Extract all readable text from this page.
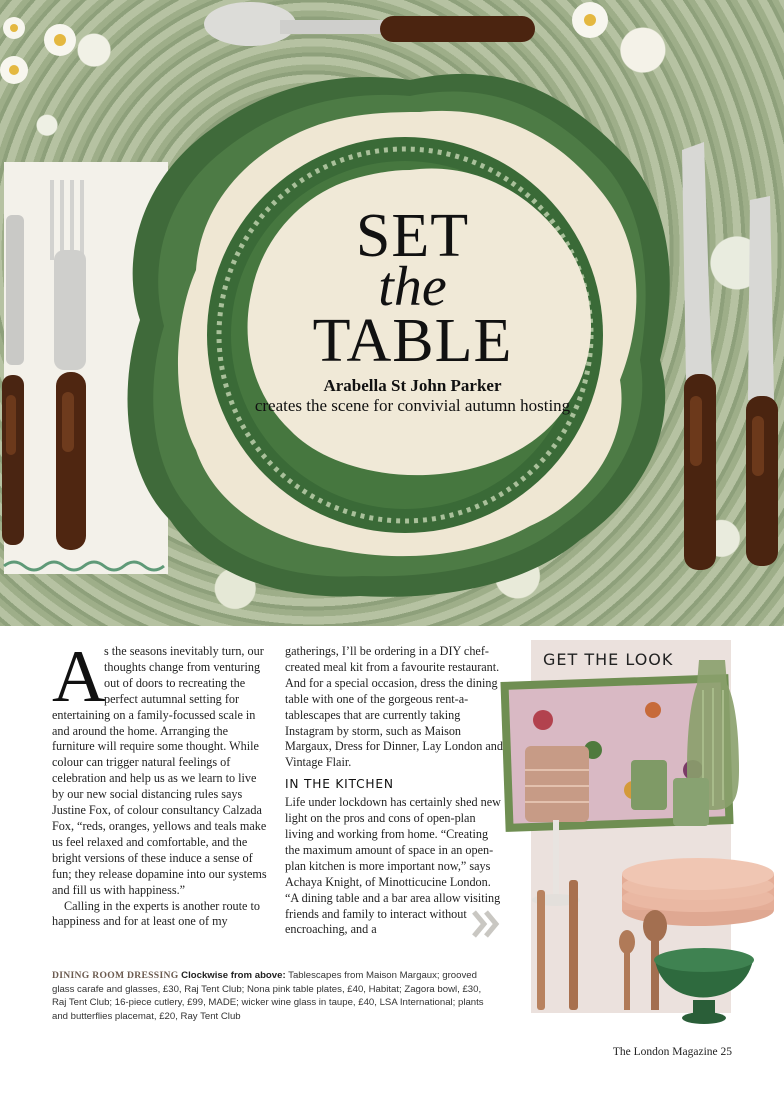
SET
the
TABLE
Arabella St John Parker
creates the scene for convivial autumn hosting
A

s the seasons inevitably turn, our thoughts change from venturing out of doors to recreating the perfect autumnal setting for entertaining on a family-focussed scale in and around the home. Arranging the furniture will require some thought. While colour can trigger natural feelings of celebration and help us as we learn to live by our new social distancing rules says Justine Fox, of colour consultancy Calzada Fox, “reds, oranges, yellows and teals make us feel relaxed and comfortable, and the bright versions of these induce a sense of fun; they release dopamine into our systems and fill us with happiness.”

Calling in the experts is another route to happiness and for at least one of my

gatherings, I’ll be ordering in a DIY chef-created meal kit from a favourite restaurant. And for a special occasion, dress the dining table with one of the gorgeous rent-a-tablescapes that are currently taking Instagram by storm, such as Maison Margaux, Dress for Dinner, Lay London and Vintage Flair.

IN THE KITCHEN

Life under lockdown has certainly shed new light on the pros and cons of open-plan living and working from home. “Creating the maximum amount of space in an open-plan kitchen is more important now,” says Achaya Knight, of Minotticucine London. “A dining table and a bar area allow visiting friends and family to interact without encroaching, and a

GET THE LOOK
DINING ROOM DRESSING Clockwise from above: Tablescapes from Maison Margaux; grooved glass carafe and glasses, £30, Raj Tent Club; Nona pink table plates, £40, Habitat; Zagora bowl, £30, Raj Tent Club; 16-piece cutlery, £99, MADE; wicker wine glass in taupe, £40, LSA International; plants and butterflies placemat, £20, Ray Tent Club
The London Magazine 25
